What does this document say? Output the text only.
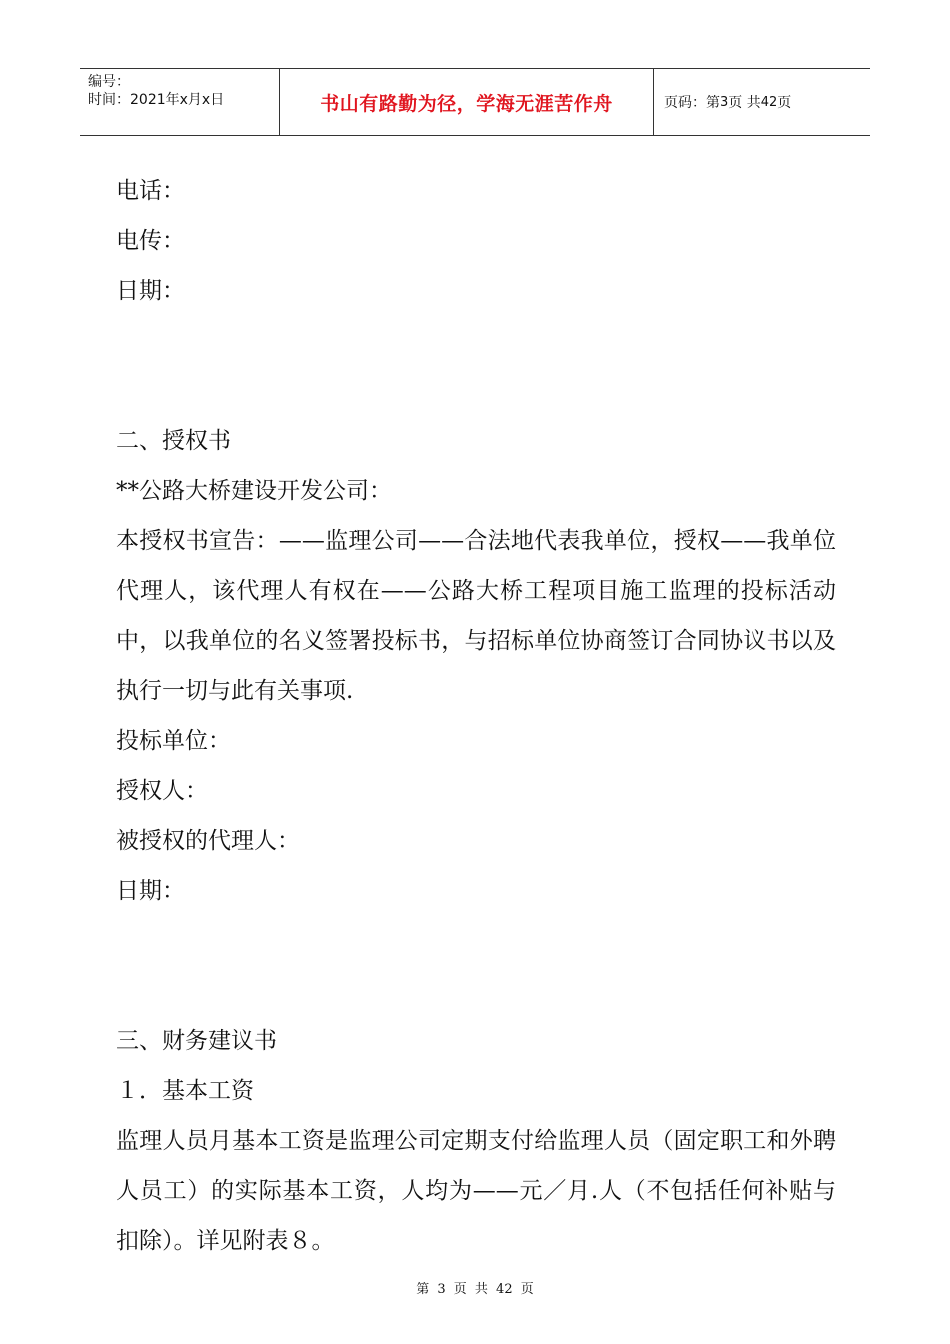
编号：
时间：2021年x月x日	书山有路勤为径，学海无涯苦作舟	页码：第 3 页 共 42 页

电话：

电传：

日期：

二、授权书

**公路大桥建设开发公司：

本授权书宣告：——监理公司——合法地代表我单位，授权——我单位代理人，该代理人有权在——公路大桥工程项目施工监理的投标活动中，以我单位的名义签署投标书，与招标单位协商签订合同协议书以及执行一切与此有关事项.

投标单位：

授权人：

被授权的代理人：

日期：

三、财务建议书

１．基本工资

监理人员月基本工资是监理公司定期支付给监理人员（固定职工和外聘人员工）的实际基本工资，人均为——元／月.人（不包括任何补贴与扣除）。详见附表８。

第 3 页 共 42 页
